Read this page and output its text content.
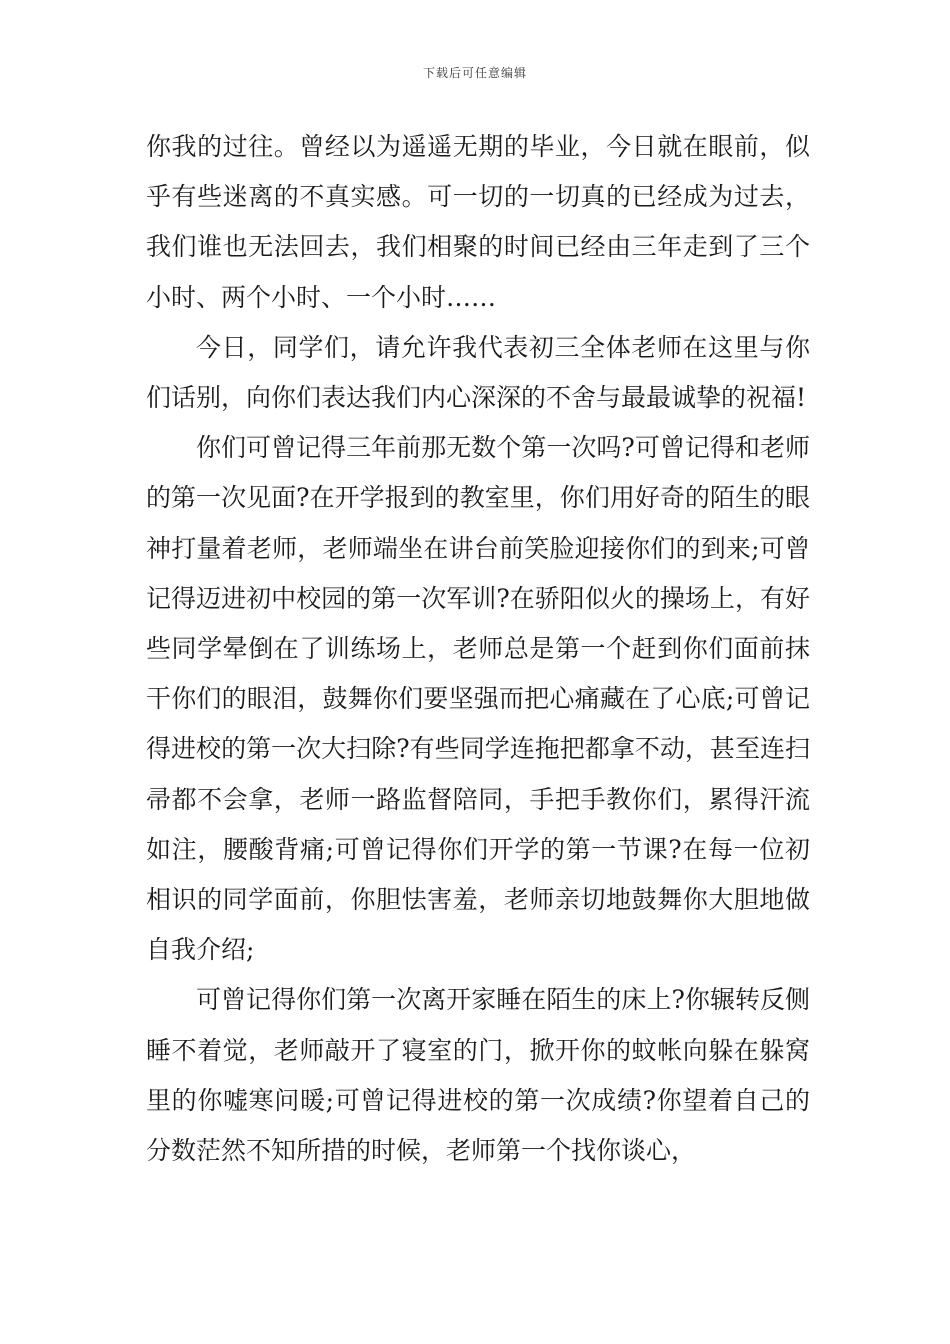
下载后可任意编辑

你我的过往。曾经以为遥遥无期的毕业，今日就在眼前，似乎有些迷离的不真实感。可一切的一切真的已经成为过去，我们谁也无法回去，我们相聚的时间已经由三年走到了三个小时、两个小时、一个小时……

今日，同学们，请允许我代表初三全体老师在这里与你们话别，向你们表达我们内心深深的不舍与最最诚挚的祝福!

你们可曾记得三年前那无数个第一次吗?可曾记得和老师的第一次见面?在开学报到的教室里，你们用好奇的陌生的眼神打量着老师，老师端坐在讲台前笑脸迎接你们的到来;可曾记得迈进初中校园的第一次军训?在骄阳似火的操场上，有好些同学晕倒在了训练场上，老师总是第一个赶到你们面前抹干你们的眼泪，鼓舞你们要坚强而把心痛藏在了心底;可曾记得进校的第一次大扫除?有些同学连拖把都拿不动，甚至连扫帚都不会拿，老师一路监督陪同，手把手教你们，累得汗流如注，腰酸背痛;可曾记得你们开学的第一节课?在每一位初相识的同学面前，你胆怯害羞，老师亲切地鼓舞你大胆地做自我介绍;

可曾记得你们第一次离开家睡在陌生的床上?你辗转反侧睡不着觉，老师敲开了寝室的门，掀开你的蚊帐向躲在躲窝里的你嘘寒问暖;可曾记得进校的第一次成绩?你望着自己的分数茫然不知所措的时候，老师第一个找你谈心，
